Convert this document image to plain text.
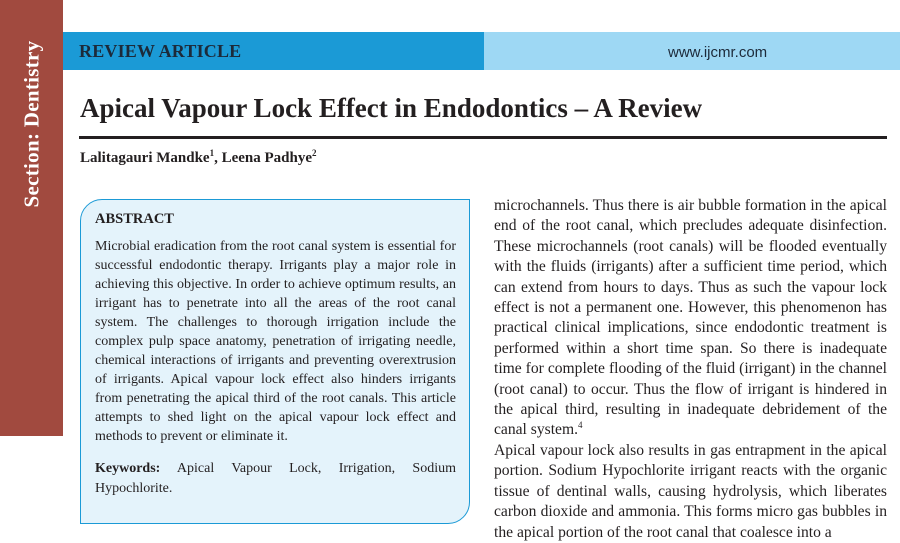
Section: Dentistry REVIEW ARTICLE	www.ijcmr.com
Apical Vapour Lock Effect in Endodontics – A Review
Lalitagauri Mandke$^1$, Leena Padhye$^2$
ABSTRACT
Microbial eradication from the root canal system is essential for successful endodontic therapy. Irrigants play a major role in achieving this objective. In order to achieve optimum results, an irrigant has to penetrate into all the areas of the root canal system. The challenges to thorough irrigation include the complex pulp space anatomy, penetration of irrigating needle, chemical interactions of irrigants and preventing overextrusion of irrigants. Apical vapour lock effect also hinders irrigants from penetrating the apical third of the root canals. This article attempts to shed light on the apical vapour lock effect and methods to prevent or eliminate it.
Keywords: Apical Vapour Lock, Irrigation, Sodium Hypochlorite.

microchannels. Thus there is air bubble formation in the apical end of the root canal, which precludes adequate disinfection. These microchannels (root canals) will be flooded eventually with the fluids (irrigants) after a sufficient time period, which can extend from hours to days. Thus as such the vapour lock effect is not a permanent one. However, this phenomenon has practical clinical implications, since endodontic treatment is performed within a short time span. So there is inadequate time for complete flooding of the fluid (irrigant) in the channel (root canal) to occur. Thus the flow of irrigant is hindered in the apical third, resulting in inadequate debridement of the canal system.$^4$

Apical vapour lock also results in gas entrapment in the apical portion. Sodium Hypochlorite irrigant reacts with the organic tissue of dentinal walls, causing hydrolysis, which liberates carbon dioxide and ammonia. This forms micro gas bubbles in the apical portion of the root canal that coalesce into a
